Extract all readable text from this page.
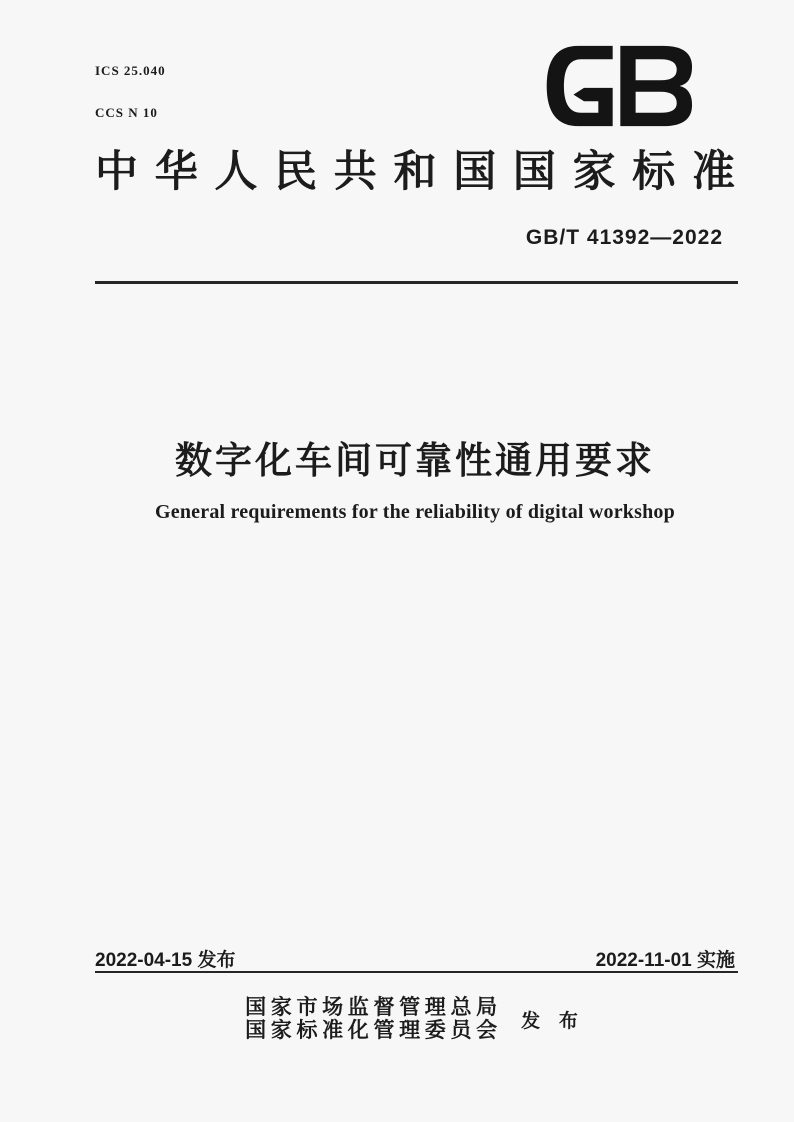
ICS 25.040

CCS N 10

中华人民共和国国家标准
GB/T 41392—2022
数字化车间可靠性通用要求
General requirements for the reliability of digital workshop
2022-04-15 发布	2022-11-01 实施
国家市场监督管理总局
国家标准化管理委员会 发 布
